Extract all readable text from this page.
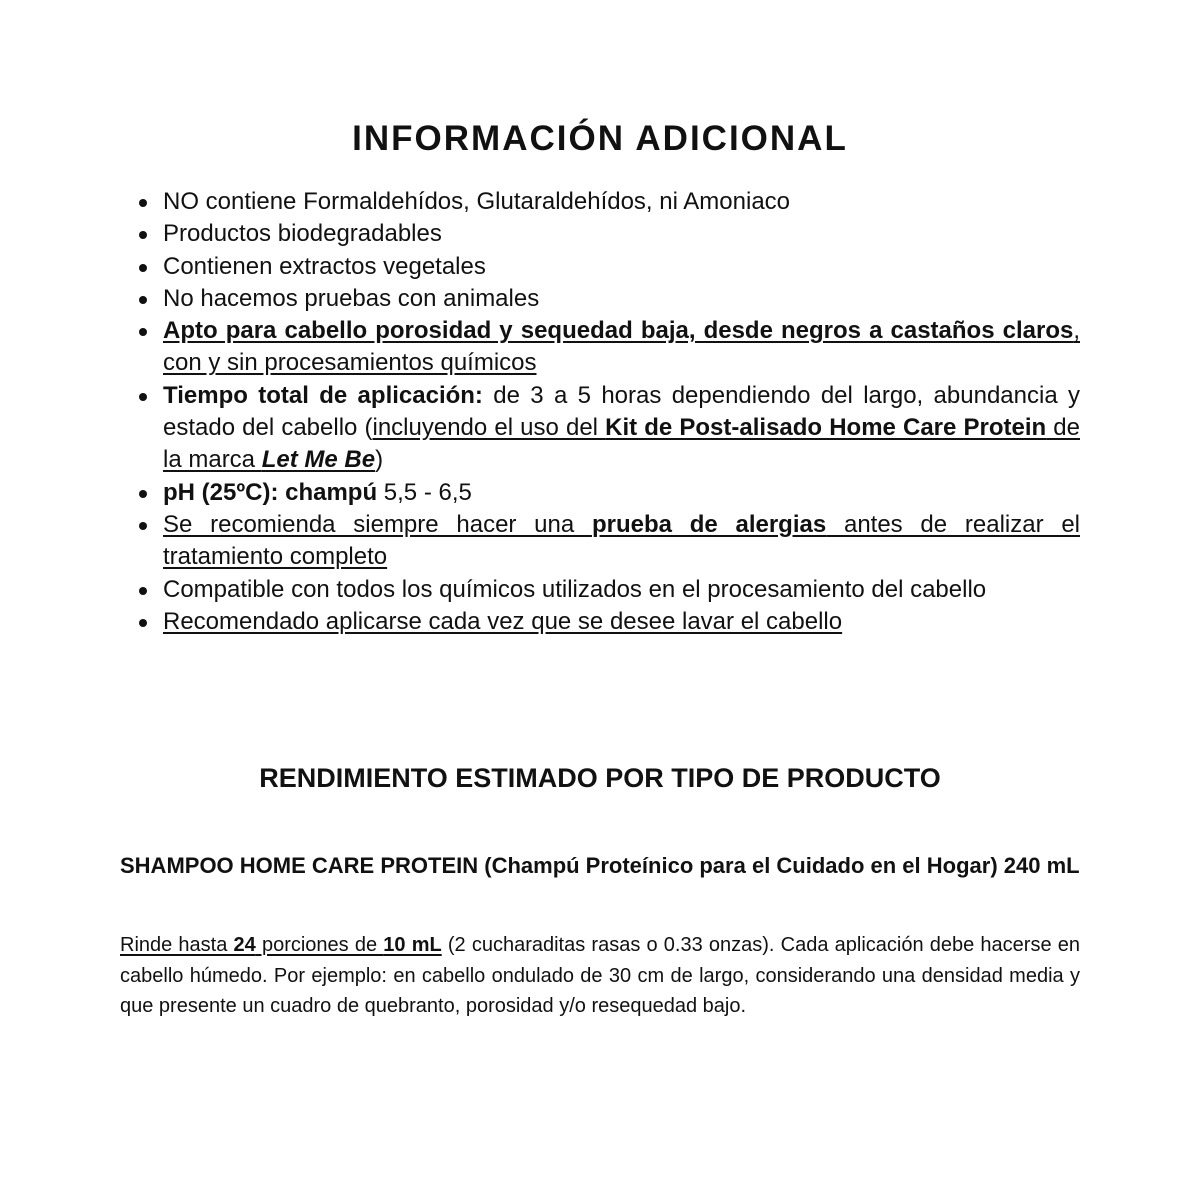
INFORMACIÓN ADICIONAL
NO contiene Formaldehídos, Glutaraldehídos, ni Amoniaco
Productos biodegradables
Contienen extractos vegetales
No hacemos pruebas con animales
Apto para cabello porosidad y sequedad baja, desde negros a castaños claros, con y sin procesamientos químicos
Tiempo total de aplicación: de 3 a 5 horas dependiendo del largo, abundancia y estado del cabello (incluyendo el uso del Kit de Post-alisado Home Care Protein de la marca Let Me Be)
pH (25ºC): champú 5,5 - 6,5
Se recomienda siempre hacer una prueba de alergias antes de realizar el tratamiento completo
Compatible con todos los químicos utilizados en el procesamiento del cabello
Recomendado aplicarse cada vez que se desee lavar el cabello
RENDIMIENTO ESTIMADO POR TIPO DE PRODUCTO

SHAMPOO HOME CARE PROTEIN (Champú Proteínico para el Cuidado en el Hogar) 240 mL

Rinde hasta 24 porciones de 10 mL (2 cucharaditas rasas o 0.33 onzas). Cada aplicación debe hacerse en cabello húmedo. Por ejemplo: en cabello ondulado de 30 cm de largo, considerando una densidad media y que presente un cuadro de quebranto, porosidad y/o resequedad bajo.
